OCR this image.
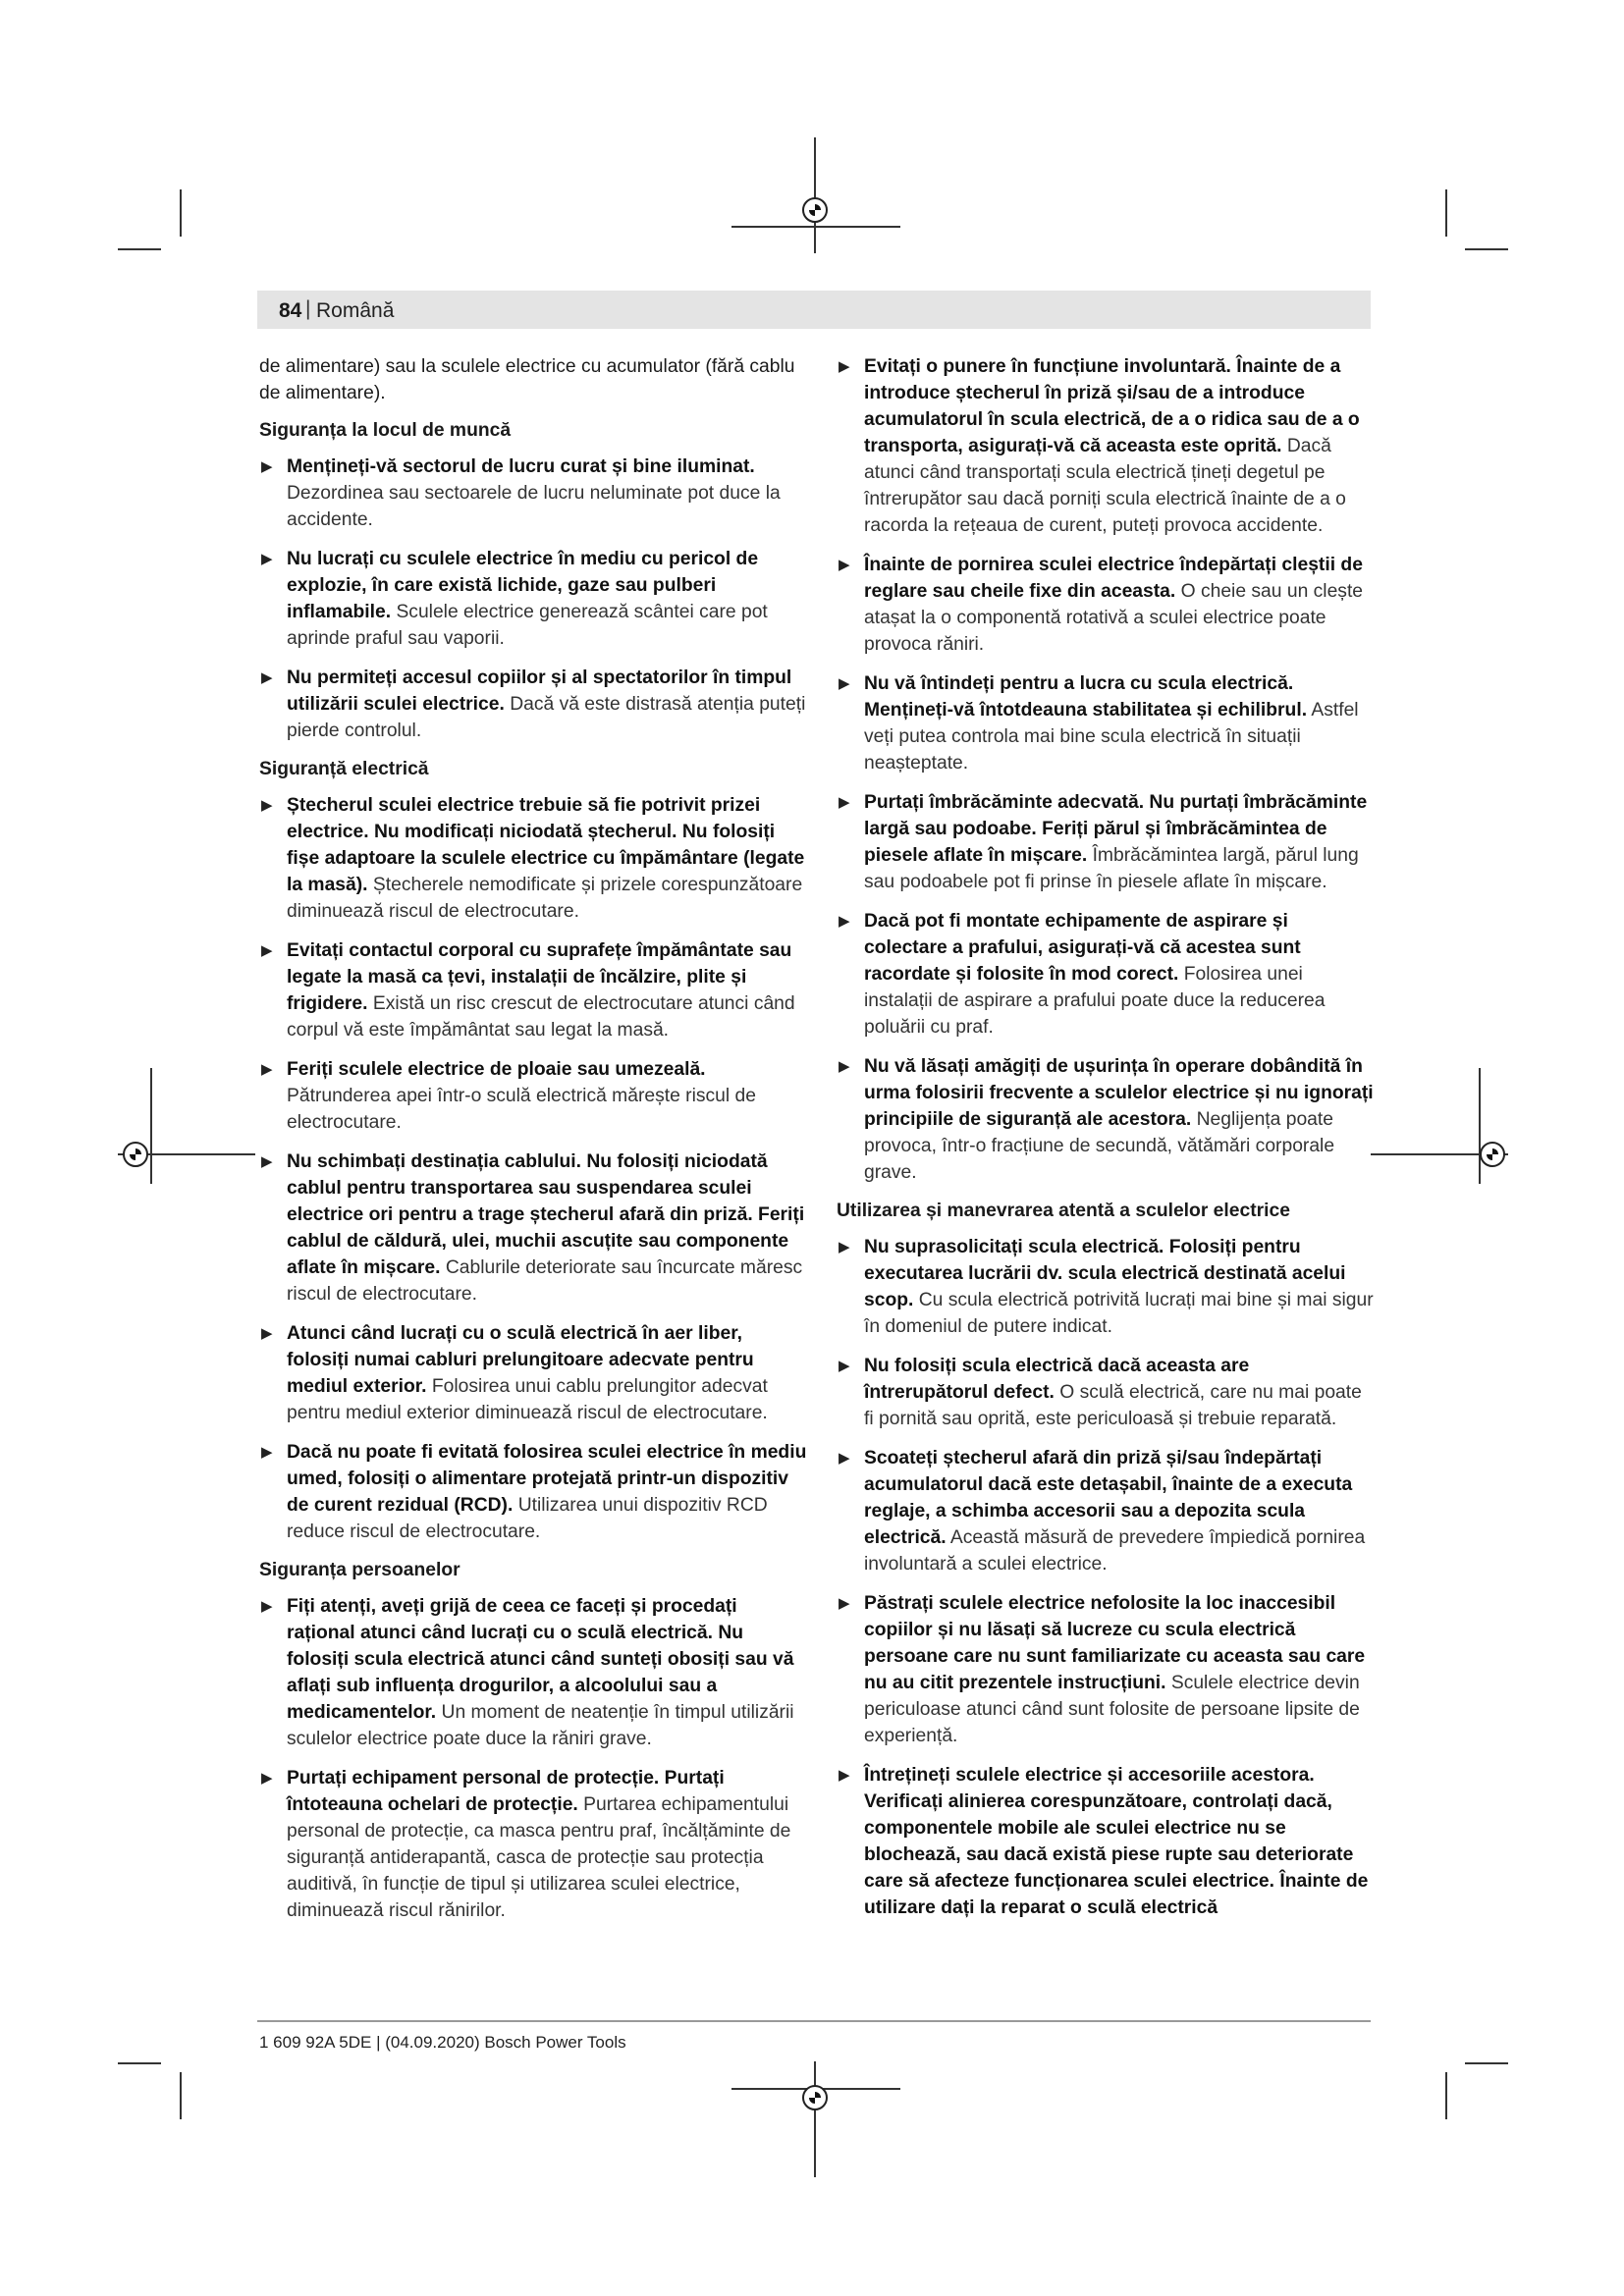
84 | Română

de alimentare) sau la sculele electrice cu acumulator (fără cablu de alimentare).

Siguranța la locul de muncă
▶ Mențineți-vă sectorul de lucru curat și bine iluminat. Dezordinea sau sectoarele de lucru neluminate pot duce la accidente.
▶ Nu lucrați cu sculele electrice în mediu cu pericol de explozie, în care există lichide, gaze sau pulberi inflamabile. Sculele electrice generează scântei care pot aprinde praful sau vaporii.
▶ Nu permiteți accesul copiilor și al spectatorilor în timpul utilizării sculei electrice. Dacă vă este distrasă atenția puteți pierde controlul.
Siguranță electrică
▶ Ștecherul sculei electrice trebuie să fie potrivit prizei electrice. Nu modificați niciodată ștecherul. Nu folosiți fișe adaptoare la sculele electrice cu împământare (legate la masă). Ștecherele nemodificate și prizele corespunzătoare diminuează riscul de electrocutare.
▶ Evitați contactul corporal cu suprafețe împământate sau legate la masă ca țevi, instalații de încălzire, plite și frigidere. Există un risc crescut de electrocutare atunci când corpul vă este împământat sau legat la masă.
▶ Feriți sculele electrice de ploaie sau umezeală. Pătrunderea apei într-o sculă electrică mărește riscul de electrocutare.
▶ Nu schimbați destinația cablului. Nu folosiți niciodată cablul pentru transportarea sau suspendarea sculei electrice ori pentru a trage ștecherul afară din priză. Feriți cablul de căldură, ulei, muchii ascuțite sau componente aflate în mișcare. Cablurile deteriorate sau încurcate măresc riscul de electrocutare.
▶ Atunci când lucrați cu o sculă electrică în aer liber, folosiți numai cabluri prelungitoare adecvate pentru mediul exterior. Folosirea unui cablu prelungitor adecvat pentru mediul exterior diminuează riscul de electrocutare.
▶ Dacă nu poate fi evitată folosirea sculei electrice în mediu umed, folosiți o alimentare protejată printr-un dispozitiv de curent rezidual (RCD). Utilizarea unui dispozitiv RCD reduce riscul de electrocutare.
Siguranța persoanelor
▶ Fiți atenți, aveți grijă de ceea ce faceți și procedați rațional atunci când lucrați cu o sculă electrică. Nu folosiți scula electrică atunci când sunteți obosiți sau vă aflați sub influența drogurilor, a alcoolului sau a medicamentelor. Un moment de neatenție în timpul utilizării sculelor electrice poate duce la răniri grave.
▶ Purtați echipament personal de protecție. Purtați întoteauna ochelari de protecție. Purtarea echipamentului personal de protecție, ca masca pentru praf, încălțăminte de siguranță antiderapantă, casca de protecție sau protecția auditivă, în funcție de tipul și utilizarea sculei electrice, diminuează riscul rănirilor.
▶ Evitați o punere în funcțiune involuntară. Înainte de a introduce ștecherul în priză și/sau de a introduce acumulatorul în scula electrică, de a o ridica sau de a o transporta, asigurați-vă că aceasta este oprită. Dacă atunci când transportați scula electrică țineți degetul pe întrerupător sau dacă porniți scula electrică înainte de a o racorda la rețeaua de curent, puteți provoca accidente.
▶ Înainte de pornirea sculei electrice îndepărtați cleștii de reglare sau cheile fixe din aceasta. O cheie sau un clește atașat la o componentă rotativă a sculei electrice poate provoca răniri.
▶ Nu vă întindeți pentru a lucra cu scula electrică. Mențineți-vă întotdeauna stabilitatea și echilibrul. Astfel veți putea controla mai bine scula electrică în situații neașteptate.
▶ Purtați îmbrăcăminte adecvată. Nu purtați îmbrăcăminte largă sau podoabe. Feriți părul și îmbrăcămintea de piesele aflate în mișcare. Îmbrăcămintea largă, părul lung sau podoabele pot fi prinse în piesele aflate în mișcare.
▶ Dacă pot fi montate echipamente de aspirare și colectare a prafului, asigurați-vă că acestea sunt racordate și folosite în mod corect. Folosirea unei instalații de aspirare a prafului poate duce la reducerea poluării cu praf.
▶ Nu vă lăsați amăgiți de ușurința în operare dobândită în urma folosirii frecvente a sculelor electrice și nu ignorați principiile de siguranță ale acestora. Neglijența poate provoca, într-o fracțiune de secundă, vătămări corporale grave.
Utilizarea și manevrarea atentă a sculelor electrice
▶ Nu suprasolicitați scula electrică. Folosiți pentru executarea lucrării dv. scula electrică destinată acelui scop. Cu scula electrică potrivită lucrați mai bine și mai sigur în domeniul de putere indicat.
▶ Nu folosiți scula electrică dacă aceasta are întrerupătorul defect. O sculă electrică, care nu mai poate fi pornită sau oprită, este periculoasă și trebuie reparată.
▶ Scoateți ștecherul afară din priză și/sau îndepărtați acumulatorul dacă este detașabil, înainte de a executa reglaje, a schimba accesorii sau a depozita scula electrică. Această măsură de prevedere împiedică pornirea involuntară a sculei electrice.
▶ Păstrați sculele electrice nefolosite la loc inaccesibil copiilor și nu lăsați să lucreze cu scula electrică persoane care nu sunt familiarizate cu aceasta sau care nu au citit prezentele instrucțiuni. Sculele electrice devin periculoase atunci când sunt folosite de persoane lipsite de experiență.
▶ Întrețineți sculele electrice și accesoriile acestora. Verificați alinierea corespunzătoare, controlați dacă, componentele mobile ale sculei electrice nu se blochează, sau dacă există piese rupte sau deteriorate care să afecteze funcționarea sculei electrice. Înainte de utilizare dați la reparat o sculă electrică
1 609 92A 5DE | (04.09.2020) Bosch Power Tools
